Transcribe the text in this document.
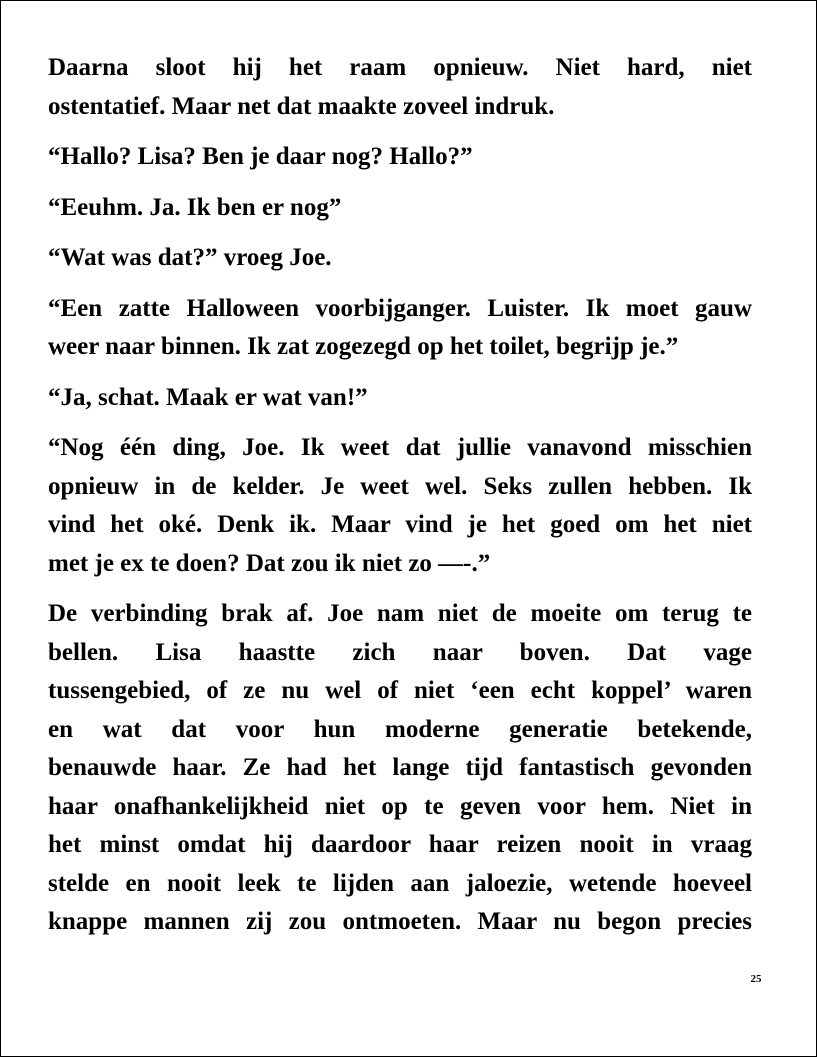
Daarna sloot hij het raam opnieuw. Niet hard, niet
ostentatief. Maar net dat maakte zoveel indruk.

“Hallo? Lisa? Ben je daar nog? Hallo?”

“Eeuhm. Ja. Ik ben er nog”

“Wat was dat?” vroeg Joe.

“Een zatte Halloween voorbijganger. Luister. Ik moet gauw
weer naar binnen. Ik zat zogezegd op het toilet, begrijp je.”

“Ja, schat. Maak er wat van!”

“Nog één ding, Joe. Ik weet dat jullie vanavond misschien
opnieuw in de kelder. Je weet wel. Seks zullen hebben. Ik
vind het oké. Denk ik. Maar vind je het goed om het niet
met je ex te doen? Dat zou ik niet zo —-.”

De verbinding brak af. Joe nam niet de moeite om terug te
bellen. Lisa haastte zich naar boven. Dat vage
tussengebied, of ze nu wel of niet ‘een echt koppel’ waren
en wat dat voor hun moderne generatie betekende,
benauwde haar. Ze had het lange tijd fantastisch gevonden
haar onafhankelijkheid niet op te geven voor hem. Niet in
het minst omdat hij daardoor haar reizen nooit in vraag
stelde en nooit leek te lijden aan jaloezie, wetende hoeveel
knappe mannen zij zou ontmoeten. Maar nu begon precies

25
